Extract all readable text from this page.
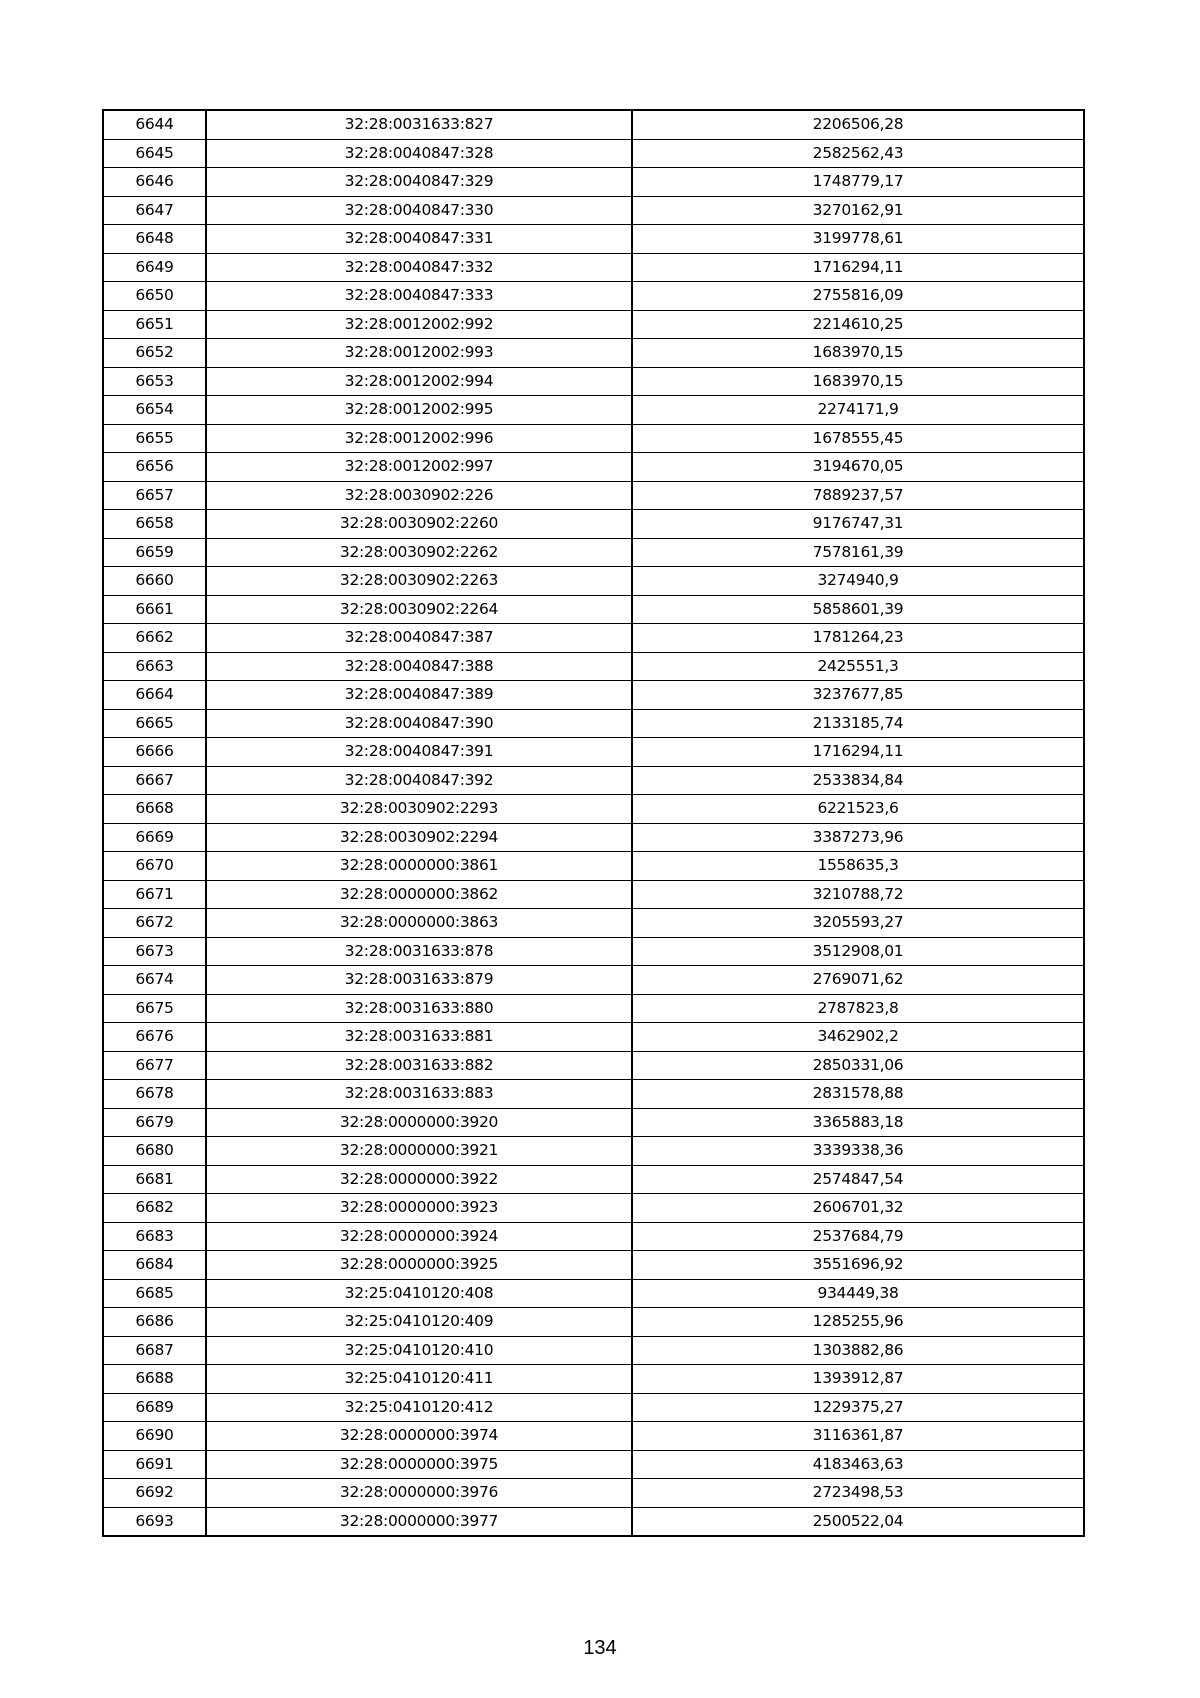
6644	32:28:0031633:827	2206506,28
6645	32:28:0040847:328	2582562,43
6646	32:28:0040847:329	1748779,17
6647	32:28:0040847:330	3270162,91
6648	32:28:0040847:331	3199778,61
6649	32:28:0040847:332	1716294,11
6650	32:28:0040847:333	2755816,09
6651	32:28:0012002:992	2214610,25
6652	32:28:0012002:993	1683970,15
6653	32:28:0012002:994	1683970,15
6654	32:28:0012002:995	2274171,9
6655	32:28:0012002:996	1678555,45
6656	32:28:0012002:997	3194670,05
6657	32:28:0030902:226	7889237,57
6658	32:28:0030902:2260	9176747,31
6659	32:28:0030902:2262	7578161,39
6660	32:28:0030902:2263	3274940,9
6661	32:28:0030902:2264	5858601,39
6662	32:28:0040847:387	1781264,23
6663	32:28:0040847:388	2425551,3
6664	32:28:0040847:389	3237677,85
6665	32:28:0040847:390	2133185,74
6666	32:28:0040847:391	1716294,11
6667	32:28:0040847:392	2533834,84
6668	32:28:0030902:2293	6221523,6
6669	32:28:0030902:2294	3387273,96
6670	32:28:0000000:3861	1558635,3
6671	32:28:0000000:3862	3210788,72
6672	32:28:0000000:3863	3205593,27
6673	32:28:0031633:878	3512908,01
6674	32:28:0031633:879	2769071,62
6675	32:28:0031633:880	2787823,8
6676	32:28:0031633:881	3462902,2
6677	32:28:0031633:882	2850331,06
6678	32:28:0031633:883	2831578,88
6679	32:28:0000000:3920	3365883,18
6680	32:28:0000000:3921	3339338,36
6681	32:28:0000000:3922	2574847,54
6682	32:28:0000000:3923	2606701,32
6683	32:28:0000000:3924	2537684,79
6684	32:28:0000000:3925	3551696,92
6685	32:25:0410120:408	934449,38
6686	32:25:0410120:409	1285255,96
6687	32:25:0410120:410	1303882,86
6688	32:25:0410120:411	1393912,87
6689	32:25:0410120:412	1229375,27
6690	32:28:0000000:3974	3116361,87
6691	32:28:0000000:3975	4183463,63
6692	32:28:0000000:3976	2723498,53
6693	32:28:0000000:3977	2500522,04
134
